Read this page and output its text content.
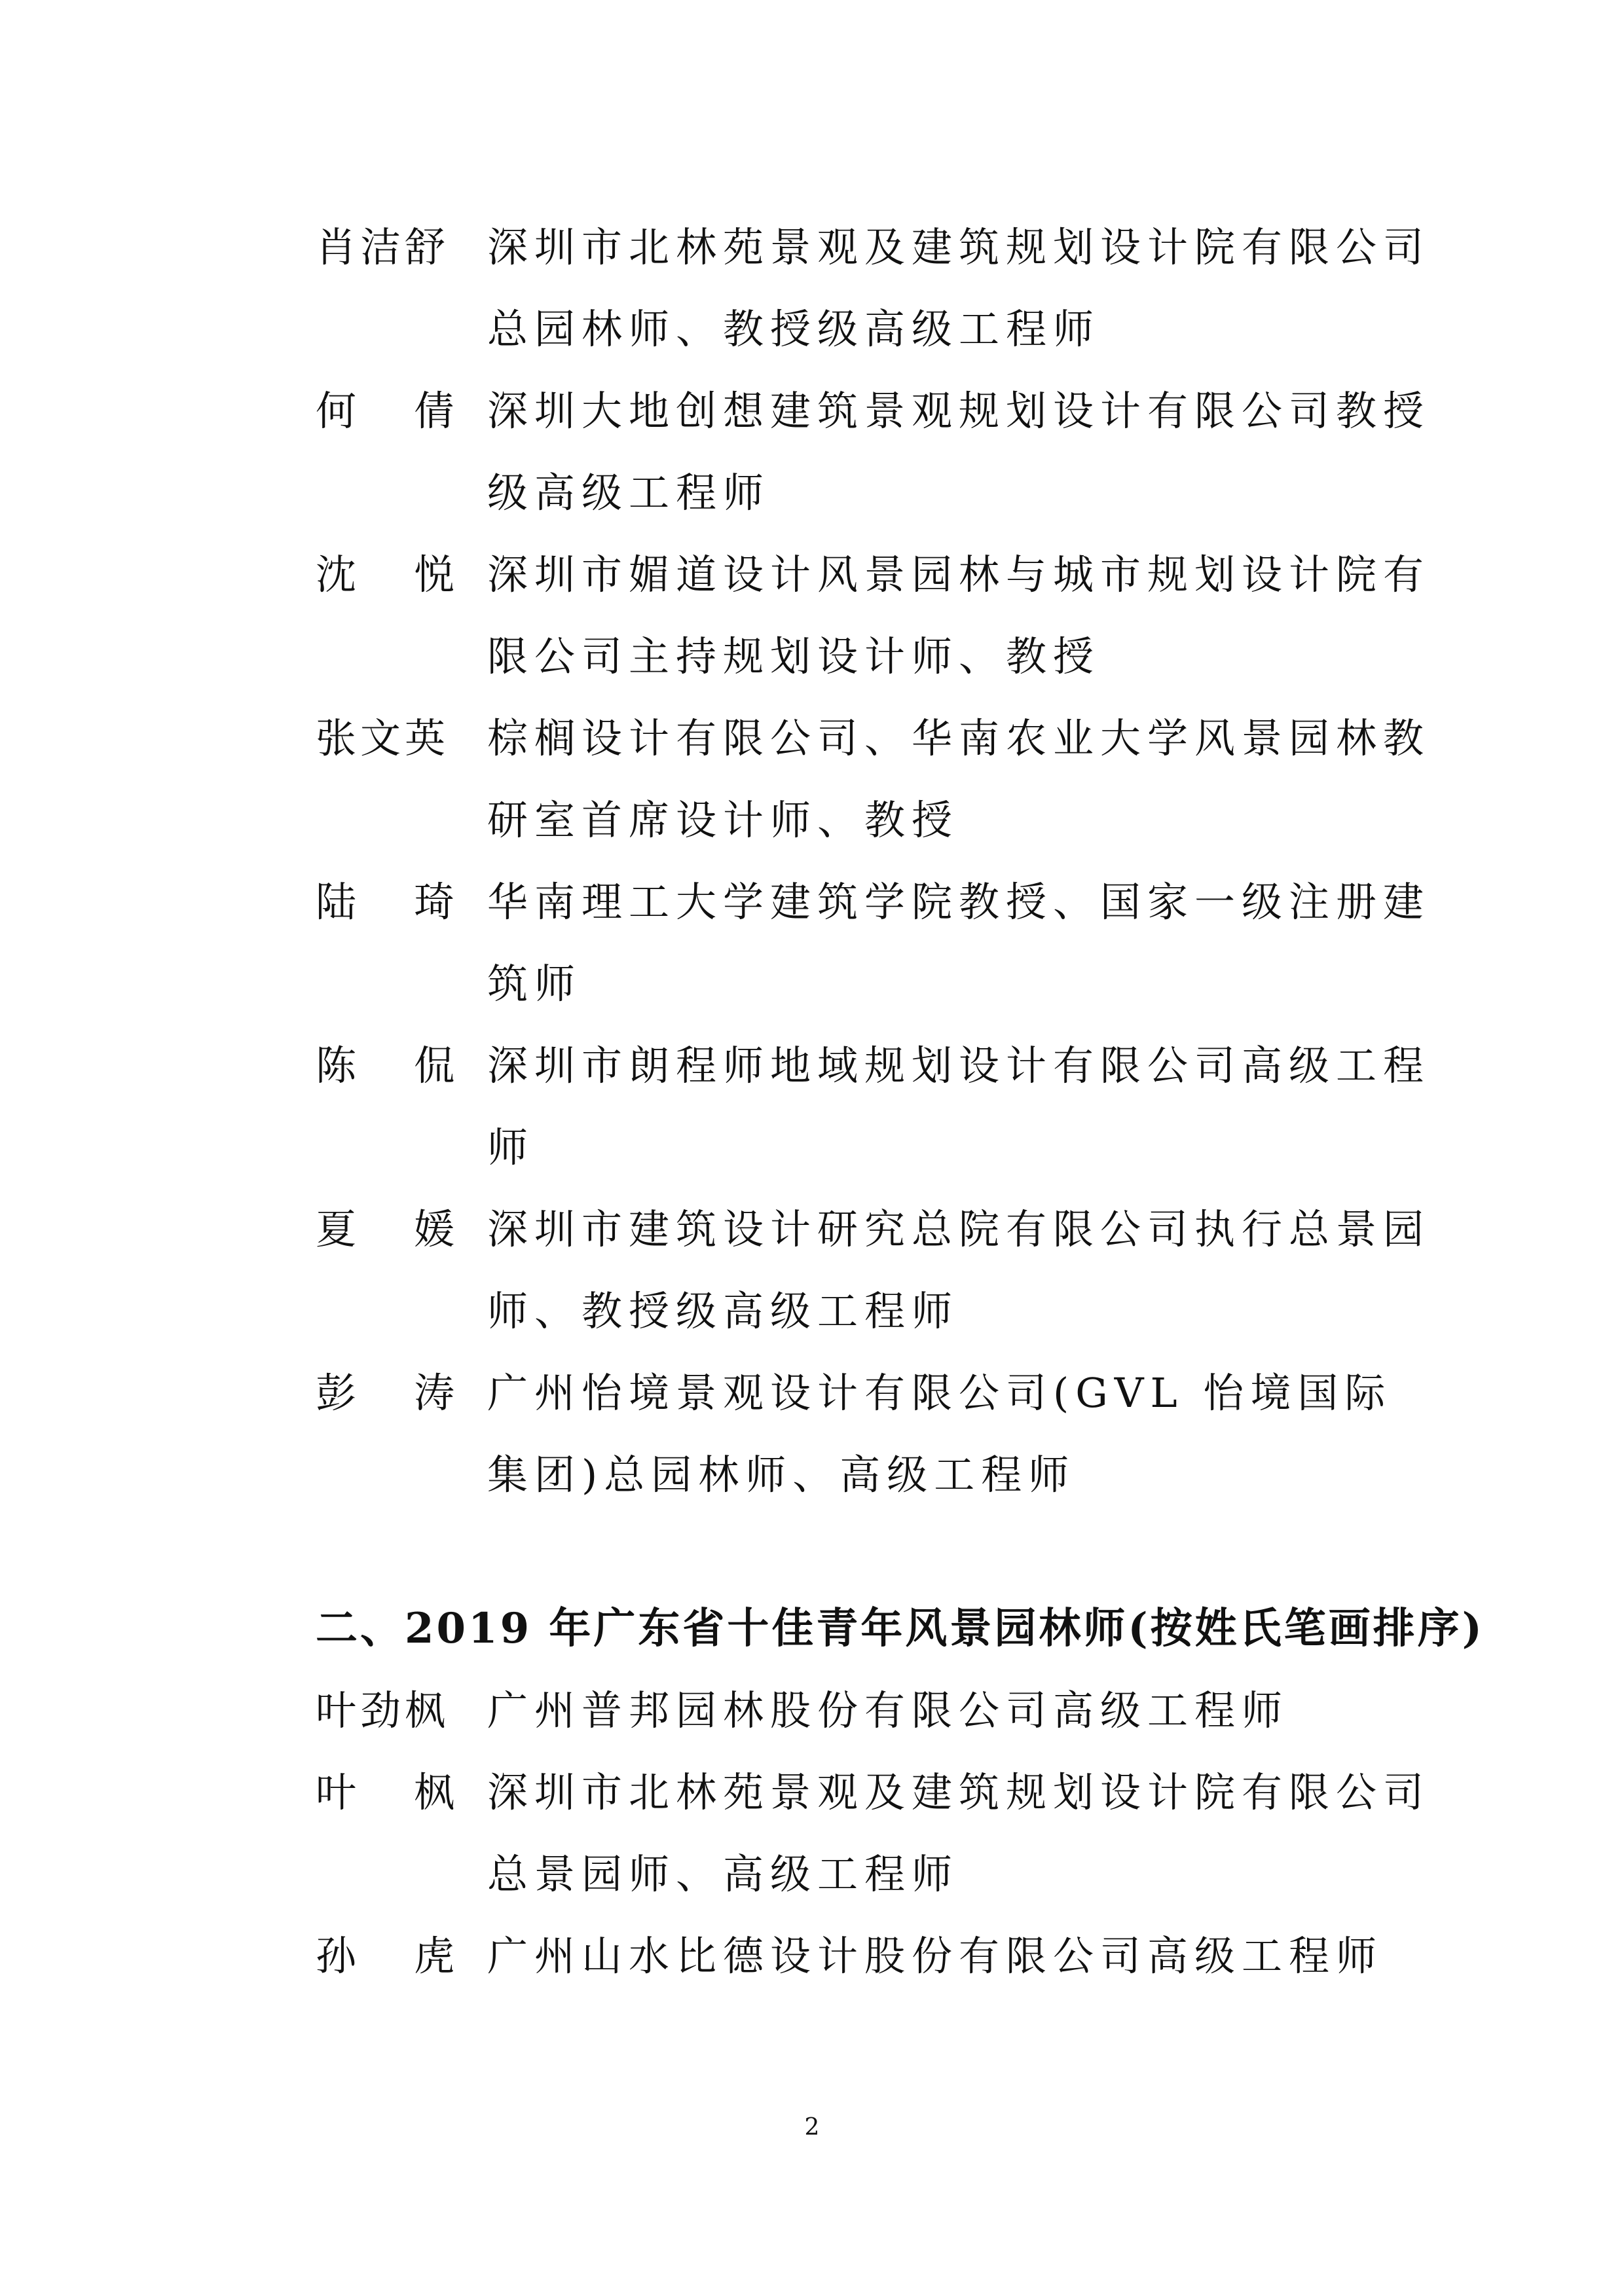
肖洁舒 深圳市北林苑景观及建筑规划设计院有限公司总园林师、教授级高级工程师
何倩
深圳大地创想建筑景观规划设计有限公司教授级高级工程师
沈悦
深圳市媚道设计风景园林与城市规划设计院有限公司主持规划设计师、教授
张文英 棕榈设计有限公司、华南农业大学风景园林教研室首席设计师、教授
陆琦
华南理工大学建筑学院教授、国家一级注册建筑师
陈侃
深圳市朗程师地域规划设计有限公司高级工程师
夏媛
深圳市建筑设计研究总院有限公司执行总景园师、教授级高级工程师
彭涛
广州怡境景观设计有限公司(GVL 怡境国际集团)总园林师、高级工程师
二、2019 年广东省十佳青年风景园林师(按姓氏笔画排序)
叶劲枫 广州普邦园林股份有限公司高级工程师
叶枫
深圳市北林苑景观及建筑规划设计院有限公司总景园师、高级工程师
孙虎
广州山水比德设计股份有限公司高级工程师
2
